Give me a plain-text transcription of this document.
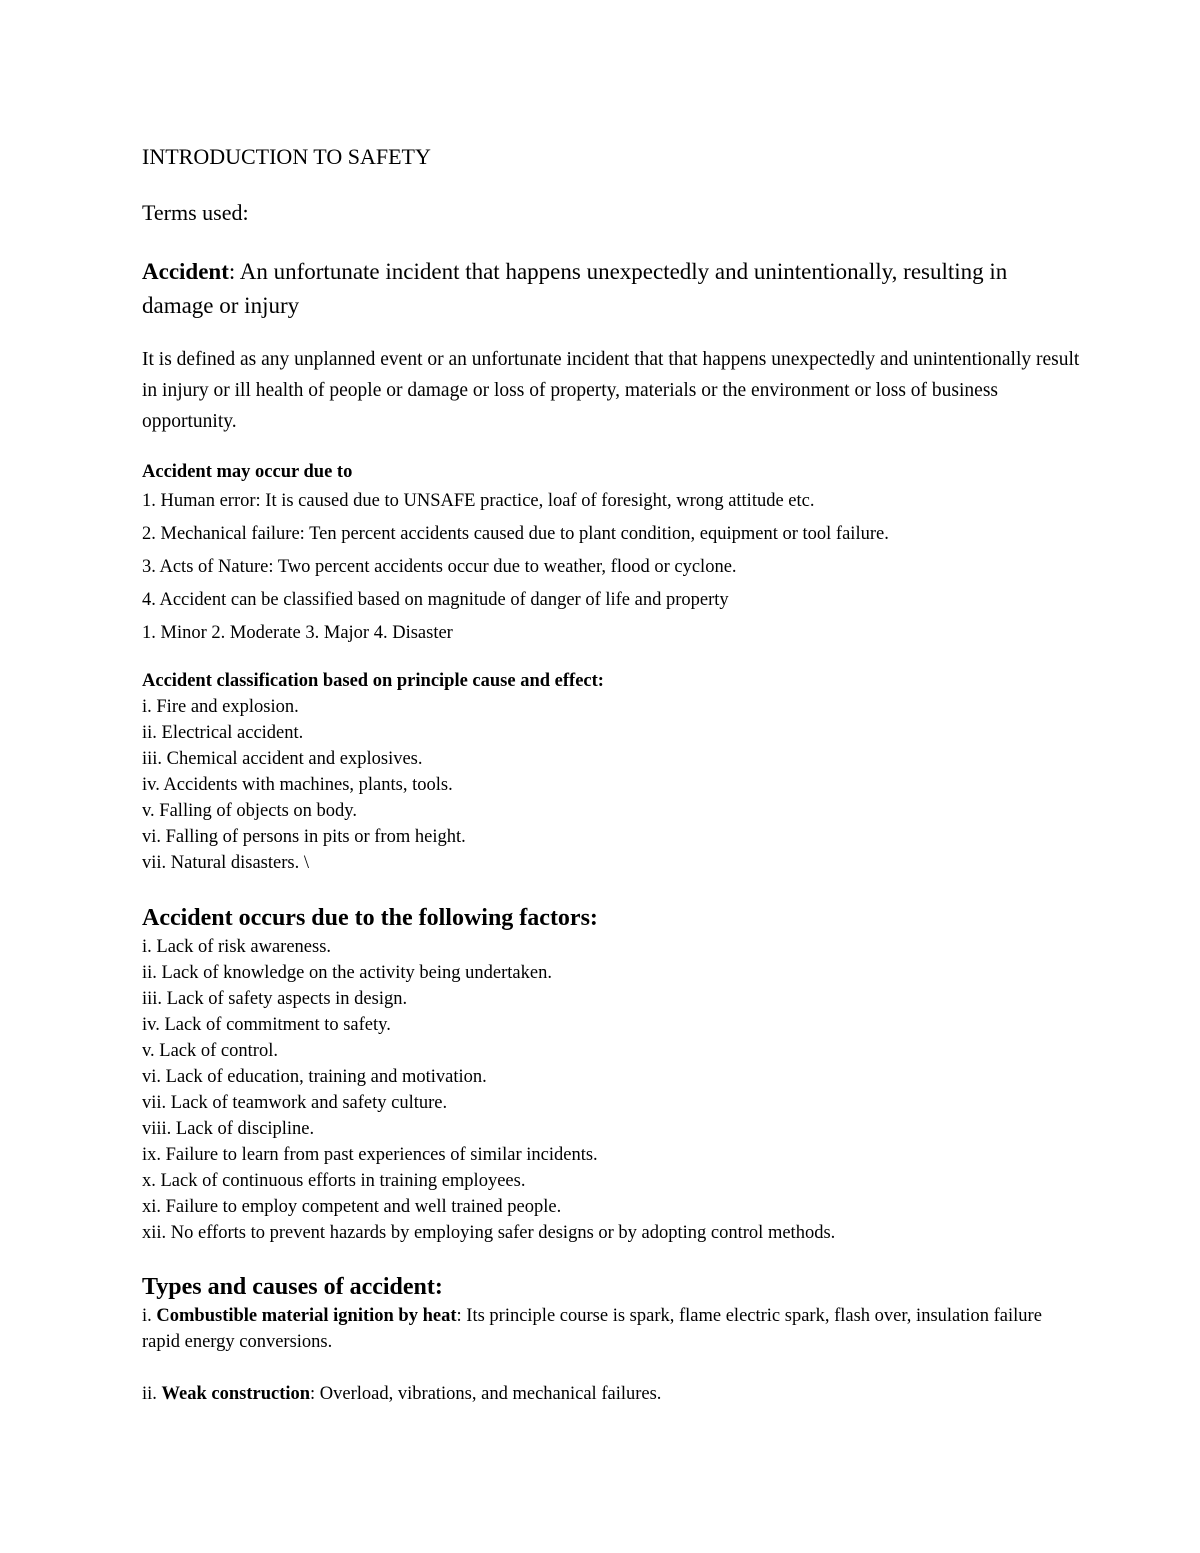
INTRODUCTION TO SAFETY
Terms used:
Accident: An unfortunate incident that happens unexpectedly and unintentionally, resulting in damage or injury
It is defined as any unplanned event or an unfortunate incident that that happens unexpectedly and unintentionally result in injury or ill health of people or damage or loss of property, materials or the environment or loss of business opportunity.
Accident may occur due to
1. Human error: It is caused due to UNSAFE practice, loaf of foresight, wrong attitude etc.
2. Mechanical failure: Ten percent accidents caused due to plant condition, equipment or tool failure.
3. Acts of Nature: Two percent accidents occur due to weather, flood or cyclone.
4. Accident can be classified based on magnitude of danger of life and property
1. Minor 2. Moderate 3. Major 4. Disaster
Accident classification based on principle cause and effect:
i. Fire and explosion.
ii. Electrical accident.
iii. Chemical accident and explosives.
iv. Accidents with machines, plants, tools.
v. Falling of objects on body.
vi. Falling of persons in pits or from height.
vii. Natural disasters. \
Accident occurs due to the following factors:
i. Lack of risk awareness.
ii. Lack of knowledge on the activity being undertaken.
iii. Lack of safety aspects in design.
iv. Lack of commitment to safety.
v. Lack of control.
vi. Lack of education, training and motivation.
vii. Lack of teamwork and safety culture.
viii. Lack of discipline.
ix. Failure to learn from past experiences of similar incidents.
x. Lack of continuous efforts in training employees.
xi. Failure to employ competent and well trained people.
xii. No efforts to prevent hazards by employing safer designs or by adopting control methods.
Types and causes of accident:
i. Combustible material ignition by heat: Its principle course is spark, flame electric spark, flash over, insulation failure rapid energy conversions.
ii. Weak construction: Overload, vibrations, and mechanical failures.
